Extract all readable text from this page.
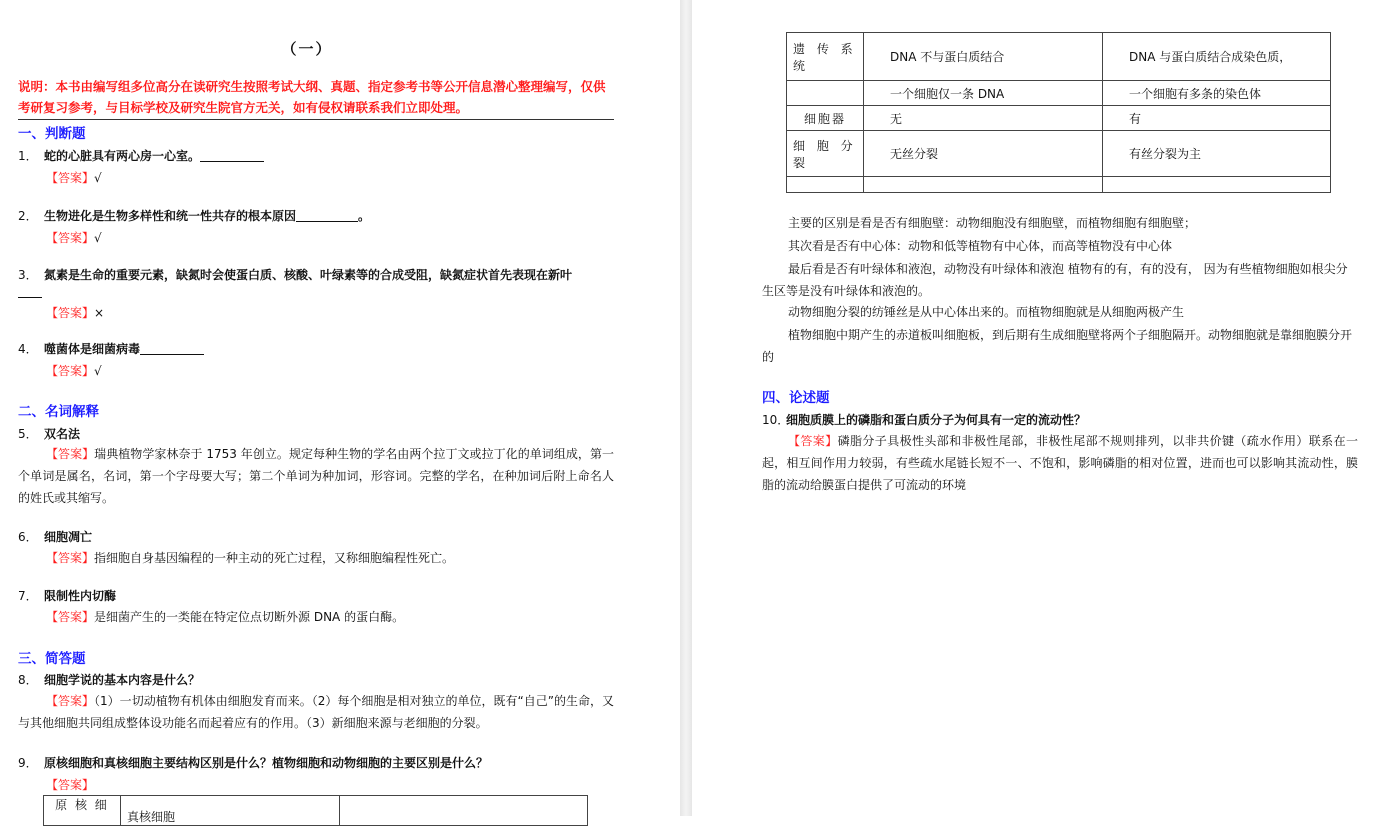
（一）
说明：本书由编写组多位高分在读研究生按照考试大纲、真题、指定参考书等公开信息潜心整理编写，仅供考研复习参考，与目标学校及研究生院官方无关，如有侵权请联系我们立即处理。
一、判断题
1． 蛇的心脏具有两心房一心室。
【答案】√
2． 生物进化是生物多样性和统一性共存的根本原因	。
【答案】√
3． 氮素是生命的重要元素，缺氮时会使蛋白质、核酸、叶绿素等的合成受阻，缺氮症状首先表现在新叶
【答案】×
4． 噬菌体是细菌病毒
【答案】√
二、名词解释
5． 双名法
【答案】瑞典植物学家林奈于 1753 年创立。规定每种生物的学名由两个拉丁文或拉丁化的单词组成，第一个单词是属名，名词，第一个字母要大写；第二个单词为种加词，形容词。完整的学名，在种加词后附上命名人的姓氏或其缩写。
6． 细胞凋亡
【答案】指细胞自身基因编程的一种主动的死亡过程，又称细胞编程性死亡。
7． 限制性内切酶
【答案】是细菌产生的一类能在特定位点切断外源 DNA 的蛋白酶。
三、简答题
8． 细胞学说的基本内容是什么？
【答案】（1）一切动植物有机体由细胞发育而来。（2）每个细胞是相对独立的单位，既有“自己”的生命，又与其他细胞共同组成整体设功能名而起着应有的作用。（3）新细胞来源与老细胞的分裂。
9． 原核细胞和真核细胞主要结构区别是什么？植物细胞和动物细胞的主要区别是什么？
【答案】
原 核 细	真核细胞	
遗 传 系统	DNA 不与蛋白质结合	DNA 与蛋白质结合成染色质，
	一个细胞仅一条 DNA	一个细胞有多条的染色体
细胞器	无	有
细 胞 分裂	无丝分裂	有丝分裂为主

主要的区别是看是否有细胞壁：动物细胞没有细胞壁，而植物细胞有细胞壁；
其次看是否有中心体：动物和低等植物有中心体，而高等植物没有中心体
最后看是否有叶绿体和液泡，动物没有叶绿体和液泡 植物有的有，有的没有， 因为有些植物细胞如根尖分生区等是没有叶绿体和液泡的。
动物细胞分裂的纺锤丝是从中心体出来的。而植物细胞就是从细胞两极产生
植物细胞中期产生的赤道板叫细胞板，到后期有生成细胞壁将两个子细胞隔开。动物细胞就是靠细胞膜分开的
四、论述题
10．细胞质膜上的磷脂和蛋白质分子为何具有一定的流动性？
【答案】磷脂分子具极性头部和非极性尾部，非极性尾部不规则排列，以非共价键（疏水作用）联系在一起，相互间作用力较弱，有些疏水尾链长短不一、不饱和，影响磷脂的相对位置，进而也可以影响其流动性，膜脂的流动给膜蛋白提供了可流动的环境
